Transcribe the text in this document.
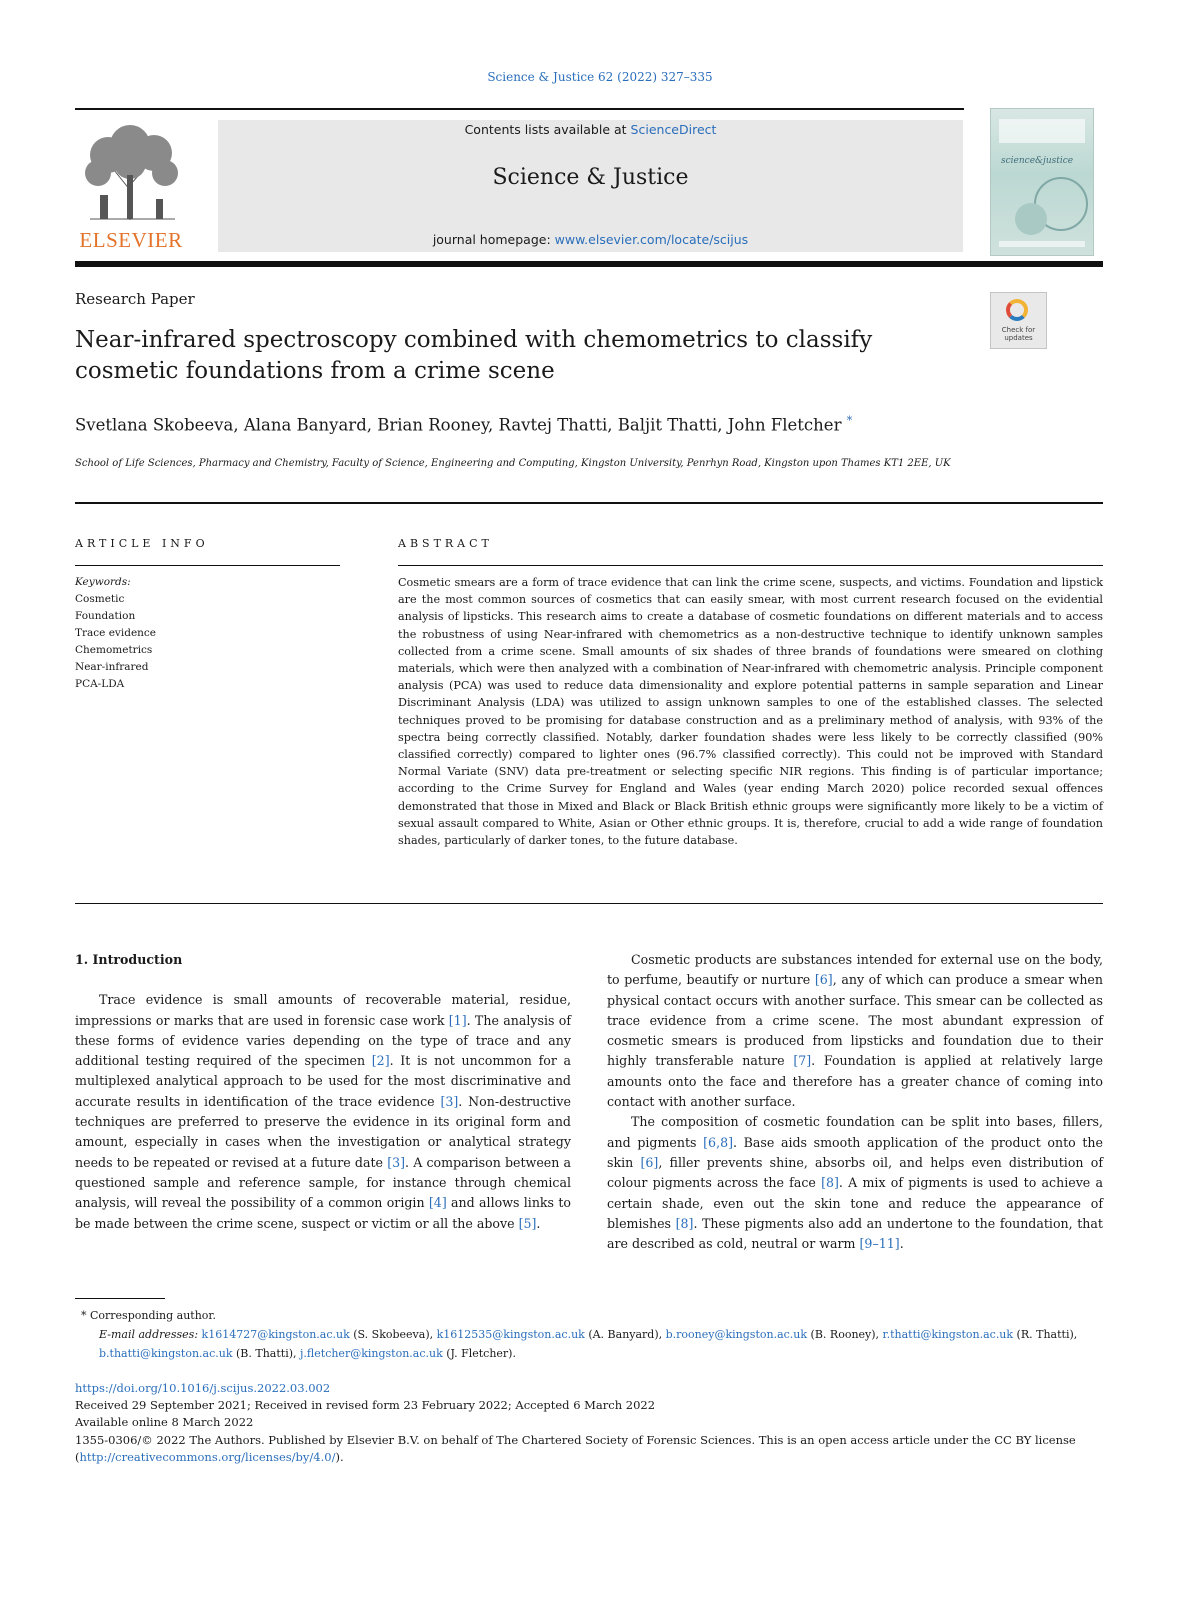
Science & Justice 62 (2022) 327–335
ELSEVIER
Contents lists available at ScienceDirect
Science & Justice
journal homepage: www.elsevier.com/locate/scijus
science&justice
Research Paper
Near-infrared spectroscopy combined with chemometrics to classify cosmetic foundations from a crime scene
Check for updates
Svetlana Skobeeva, Alana Banyard, Brian Rooney, Ravtej Thatti, Baljit Thatti, John Fletcher *
School of Life Sciences, Pharmacy and Chemistry, Faculty of Science, Engineering and Computing, Kingston University, Penrhyn Road, Kingston upon Thames KT1 2EE, UK
ARTICLE INFO
Keywords:
Cosmetic
Foundation
Trace evidence
Chemometrics
Near-infrared
PCA-LDA
ABSTRACT
Cosmetic smears are a form of trace evidence that can link the crime scene, suspects, and victims. Foundation and lipstick are the most common sources of cosmetics that can easily smear, with most current research focused on the evidential analysis of lipsticks. This research aims to create a database of cosmetic foundations on different materials and to access the robustness of using Near-infrared with chemometrics as a non-destructive technique to identify unknown samples collected from a crime scene. Small amounts of six shades of three brands of foundations were smeared on clothing materials, which were then analyzed with a combination of Near-infrared with chemometric analysis. Principle component analysis (PCA) was used to reduce data dimensionality and explore potential patterns in sample separation and Linear Discriminant Analysis (LDA) was utilized to assign unknown samples to one of the established classes. The selected techniques proved to be promising for database construction and as a preliminary method of analysis, with 93% of the spectra being correctly classified. Notably, darker foundation shades were less likely to be correctly classified (90% classified correctly) compared to lighter ones (96.7% classified correctly). This could not be improved with Standard Normal Variate (SNV) data pre-treatment or selecting specific NIR regions. This finding is of particular importance; according to the Crime Survey for England and Wales (year ending March 2020) police recorded sexual offences demonstrated that those in Mixed and Black or Black British ethnic groups were significantly more likely to be a victim of sexual assault compared to White, Asian or Other ethnic groups. It is, therefore, crucial to add a wide range of foundation shades, particularly of darker tones, to the future database.

1. Introduction

Trace evidence is small amounts of recoverable material, residue, impressions or marks that are used in forensic case work [1]. The analysis of these forms of evidence varies depending on the type of trace and any additional testing required of the specimen [2]. It is not uncommon for a multiplexed analytical approach to be used for the most discriminative and accurate results in identification of the trace evidence [3]. Non-destructive techniques are preferred to preserve the evidence in its original form and amount, especially in cases when the investigation or analytical strategy needs to be repeated or revised at a future date [3]. A comparison between a questioned sample and reference sample, for instance through chemical analysis, will reveal the possibility of a common origin [4] and allows links to be made between the crime scene, suspect or victim or all the above [5].

Cosmetic products are substances intended for external use on the body, to perfume, beautify or nurture [6], any of which can produce a smear when physical contact occurs with another surface. This smear can be collected as trace evidence from a crime scene. The most abundant expression of cosmetic smears is produced from lipsticks and foundation due to their highly transferable nature [7]. Foundation is applied at relatively large amounts onto the face and therefore has a greater chance of coming into contact with another surface.

The composition of cosmetic foundation can be split into bases, fillers, and pigments [6,8]. Base aids smooth application of the product onto the skin [6], filler prevents shine, absorbs oil, and helps even distribution of colour pigments across the face [8]. A mix of pigments is used to achieve a certain shade, even out the skin tone and reduce the appearance of blemishes [8]. These pigments also add an undertone to the foundation, that are described as cold, neutral or warm [9–11].

* Corresponding author.
E-mail addresses: k1614727@kingston.ac.uk (S. Skobeeva), k1612535@kingston.ac.uk (A. Banyard), b.rooney@kingston.ac.uk (B. Rooney), r.thatti@kingston.ac.uk (R. Thatti), b.thatti@kingston.ac.uk (B. Thatti), j.fletcher@kingston.ac.uk (J. Fletcher).
https://doi.org/10.1016/j.scijus.2022.03.002
Received 29 September 2021; Received in revised form 23 February 2022; Accepted 6 March 2022
Available online 8 March 2022
1355-0306/© 2022 The Authors. Published by Elsevier B.V. on behalf of The Chartered Society of Forensic Sciences. This is an open access article under the CC BY license (http://creativecommons.org/licenses/by/4.0/).
